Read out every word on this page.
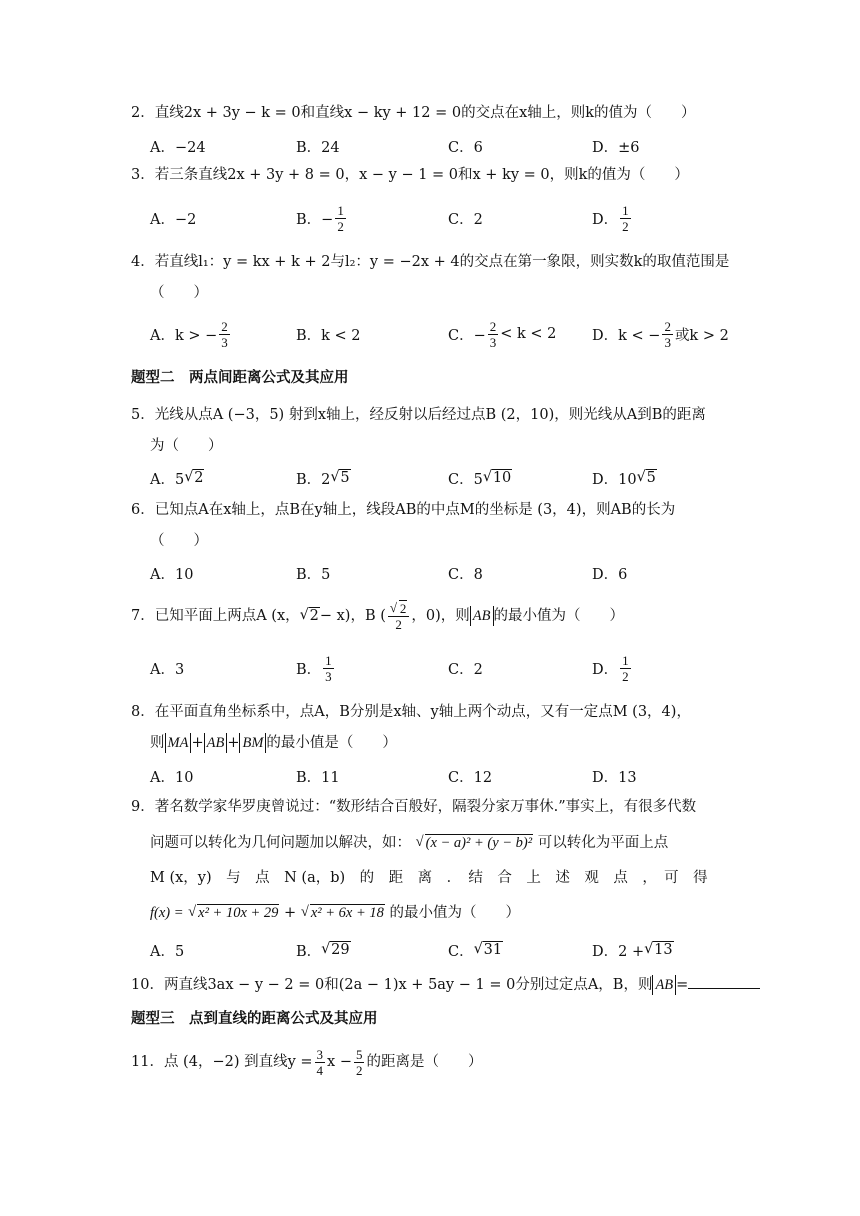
2．直线2x + 3y − k = 0和直线x − ky + 12 = 0的交点在x轴上，则k的值为（　　）
A．−24	B．24	C．6	D．±6
3．若三条直线2x + 3y + 8 = 0，x − y − 1 = 0和x + ky = 0，则k的值为（　　）
A．−2	B．− $\frac{1}{2}$	C．2	D． $\frac{1}{2}$
4．若直线l₁：y = kx + k + 2与l₂：y = −2x + 4的交点在第一象限，则实数k的取值范围是
（　　）
A．k > − $\frac{2}{3}$	B．k < 2	C．− $\frac{2}{3} < k < 2$ D．k < − $\frac{2}{3}$ 或k > 2
题型二　两点间距离公式及其应用
5．光线从点A (−3，5) 射到x轴上，经反射以后经过点B (2，10)，则光线从A到B的距离
为（　　）
A．5 √ 2	B．2 √ 5	C．5 √ 10	D．10 √ 5
6．已知点A在x轴上，点B在y轴上，线段AB的中点M的坐标是 (3，4)，则AB的长为
（　　）
A．10	B．5	C．8	D．6
7．已知平面上两点A (x， √ 2 − x)，B ( √ $\frac{2}{2}$ ，0)，则 AB 的最小值为（　　）
A．3	B． $\frac{1}{3}$	C．2	D． $\frac{1}{2}$
8．在平面直角坐标系中，点A，B分别是x轴、y轴上两个动点，又有一定点M (3，4)，
则 MA + AB + BM 的最小值是（　　）
A．10	B．11	C．12	D．13
9．著名数学家华罗庚曾说过：“数形结合百般好，隔裂分家万事休.”事实上，有很多代数
问题可以转化为几何问题加以解决，如： √ (x − a)² + (y − b)² 可以转化为平面上点
M (x，y)　与　点　N (a，b)　的　距　离　．　结　合　上　述　观　点　，　可　得
f(x) = √ x² + 10x + 29 + √ x² + 6x + 18 的最小值为（　　）
A．5	B． √ 29	C． √ 31	D．2 + √ 13
10．两直线3ax − y − 2 = 0和(2a − 1)x + 5ay − 1 = 0分别过定点A，B，则 AB =
题型三　点到直线的距离公式及其应用
11．点 (4，−2) 到直线$y = \frac{3}{4}$ $x - \frac{5}{2}$ 的距离是（　　）
